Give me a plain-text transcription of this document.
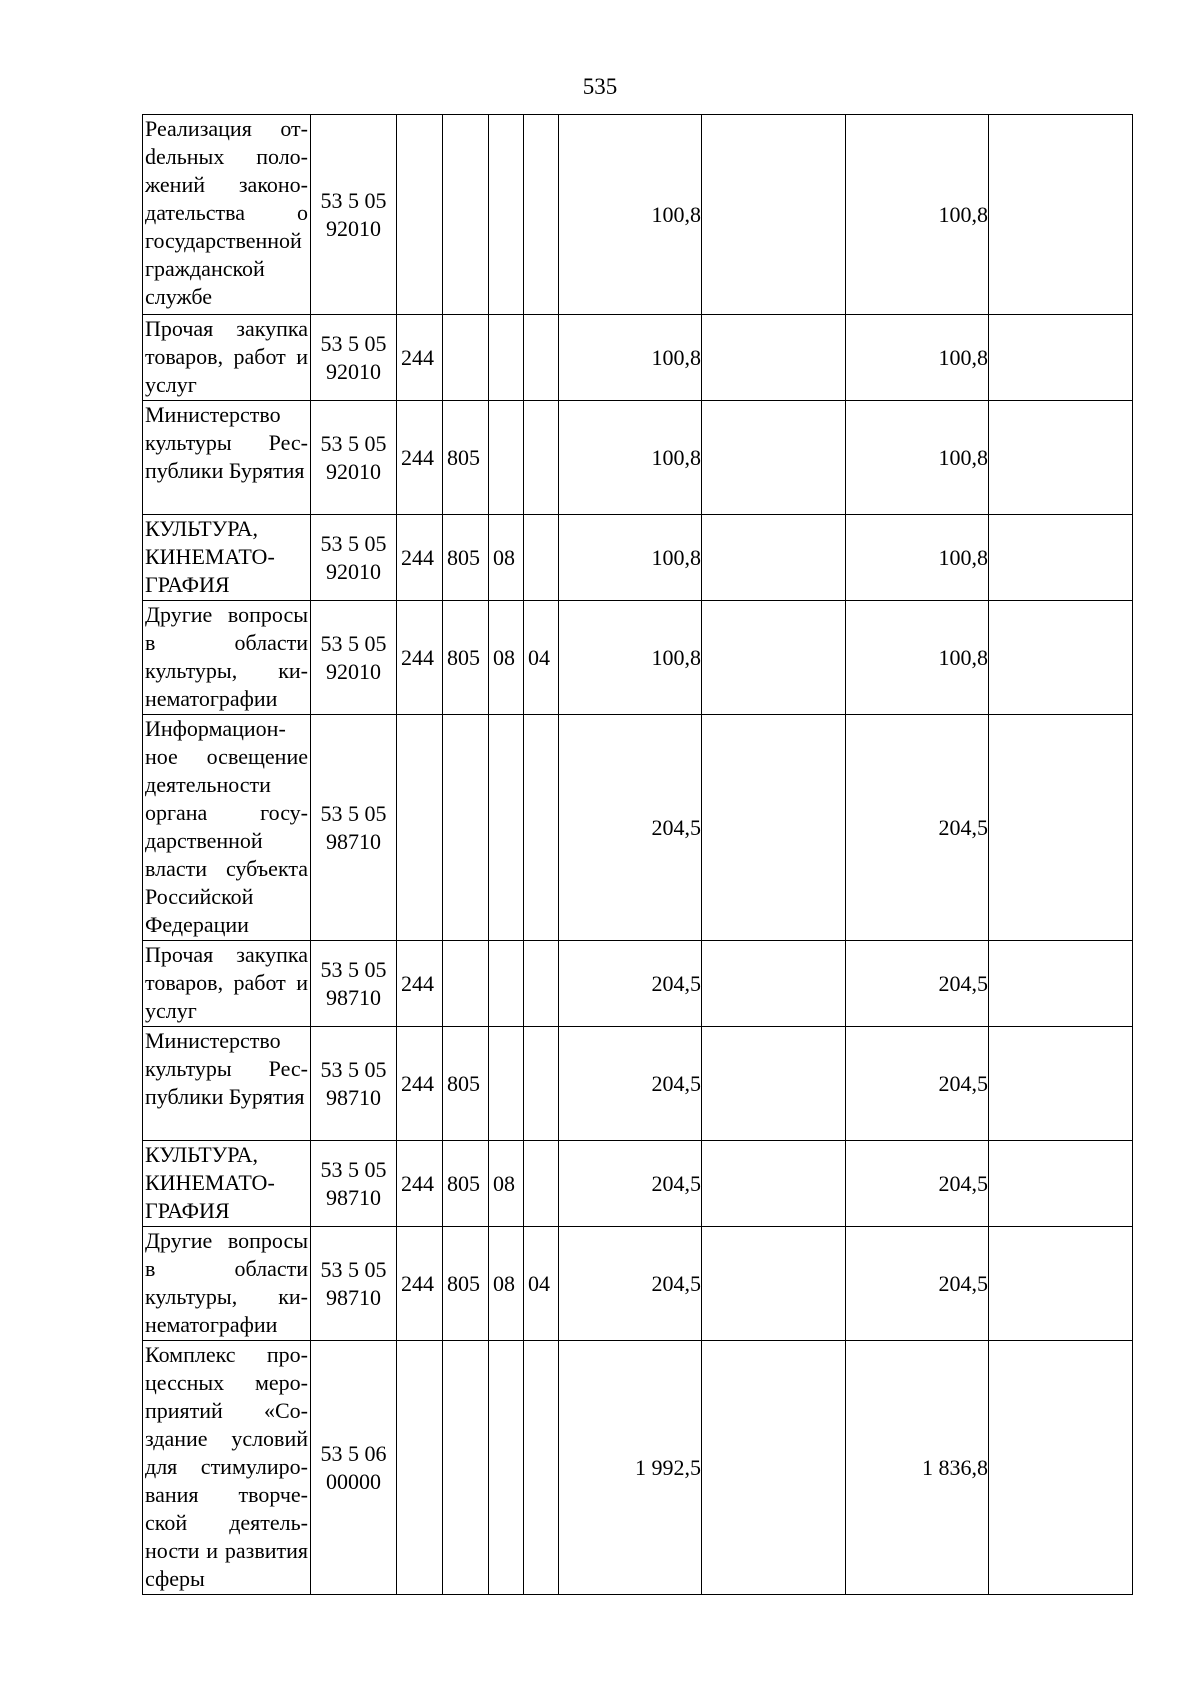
535
Реализация отdельных положений законодательства о государственной гражданской службе	53 5 05 92010					100,8		100,8	
Прочая закупка товаров, работ и услуг	53 5 05 92010	244				100,8		100,8	
Министерство культуры Республики Бурятия	53 5 05 92010	244	805			100,8		100,8	
КУЛЬТУРА, КИНЕМАТОГРАФИЯ	53 5 05 92010	244	805	08		100,8		100,8	
Другие вопросы в области культуры, кинематографии	53 5 05 92010	244	805	08	04	100,8		100,8	
Информационное освещение деятельности органа государственной власти субъекта Российской Федерации	53 5 05 98710					204,5		204,5	
Прочая закупка товаров, работ и услуг	53 5 05 98710	244				204,5		204,5	
Министерство культуры Республики Бурятия	53 5 05 98710	244	805			204,5		204,5	
КУЛЬТУРА, КИНЕМАТОГРАФИЯ	53 5 05 98710	244	805	08		204,5		204,5	
Другие вопросы в области культуры, кинематографии	53 5 05 98710	244	805	08	04	204,5		204,5	
Комплекс процессных мероприятий «Создание условий для стимулирования творческой деятельности и развития сферы	53 5 06 00000					1 992,5		1 836,8	
